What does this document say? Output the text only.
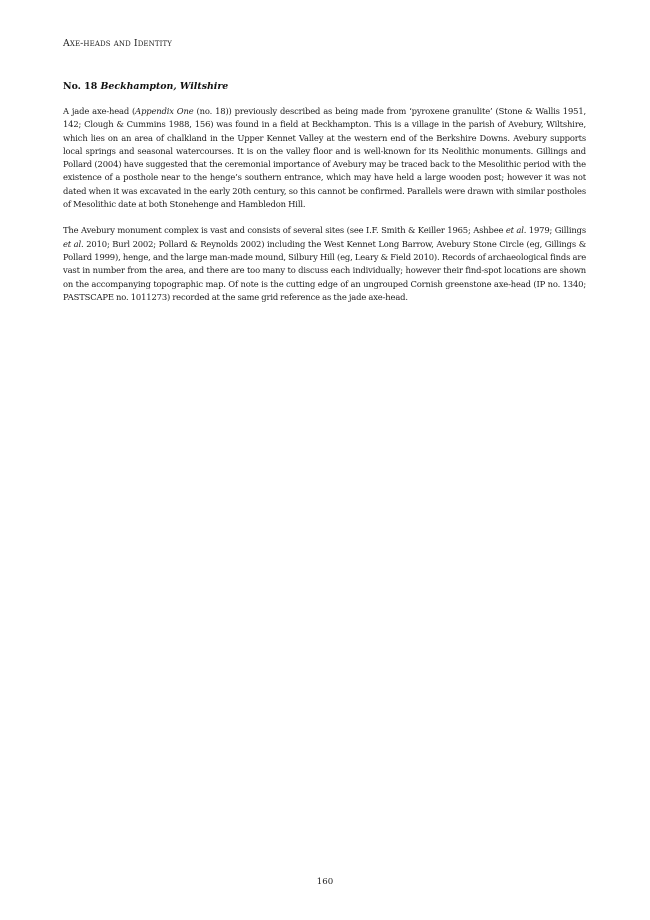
Axe-heads and Identity
No. 18 Beckhampton, Wiltshire

A jade axe-head (Appendix One (no. 18)) previously described as being made from ‘pyroxene granulite’ (Stone & Wallis 1951, 142; Clough & Cummins 1988, 156) was found in a field at Beckhampton. This is a village in the parish of Avebury, Wiltshire, which lies on an area of chalkland in the Upper Kennet Valley at the western end of the Berkshire Downs. Avebury supports local springs and seasonal watercourses. It is on the valley floor and is well-known for its Neolithic monuments. Gillings and Pollard (2004) have suggested that the ceremonial importance of Avebury may be traced back to the Mesolithic period with the existence of a posthole near to the henge’s southern entrance, which may have held a large wooden post; however it was not dated when it was excavated in the early 20th century, so this cannot be confirmed. Parallels were drawn with similar postholes of Mesolithic date at both Stonehenge and Hambledon Hill.

The Avebury monument complex is vast and consists of several sites (see I.F. Smith & Keiller 1965; Ashbee et al. 1979; Gillings et al. 2010; Burl 2002; Pollard & Reynolds 2002) including the West Kennet Long Barrow, Avebury Stone Circle (eg, Gillings & Pollard 1999), henge, and the large man-made mound, Silbury Hill (eg, Leary & Field 2010). Records of archaeological finds are vast in number from the area, and there are too many to discuss each individually; however their find-spot locations are shown on the accompanying topographic map. Of note is the cutting edge of an ungrouped Cornish greenstone axe-head (IP no. 1340; PASTSCAPE no. 1011273) recorded at the same grid reference as the jade axe-head.

160
